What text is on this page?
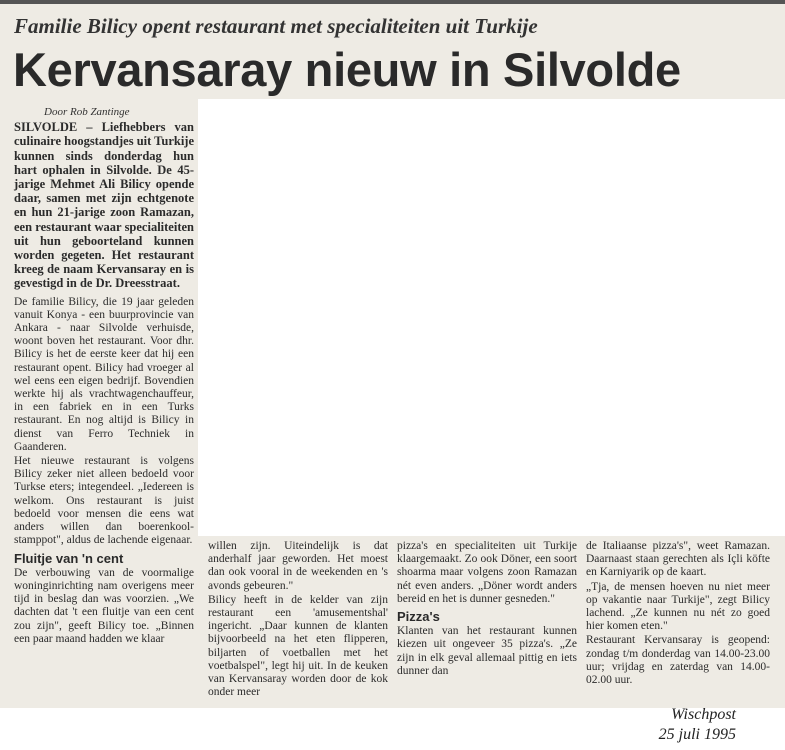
Familie Bilicy opent restaurant met specialiteiten uit Turkije
Kervansaray nieuw in Silvolde
Door Rob Zantinge

SILVOLDE – Liefhebbers van culinaire hoogstandjes uit Turkije kunnen sinds donderdag hun hart ophalen in Silvolde. De 45-jarige Mehmet Ali Bilicy opende daar, samen met zijn echtgenote en hun 21-jarige zoon Ramazan, een restaurant waar specialiteiten uit hun geboorteland kunnen worden gegeten. Het restaurant kreeg de naam Kervansaray en is gevestigd in de Dr. Dreesstraat.

De familie Bilicy, die 19 jaar geleden vanuit Konya - een buurprovincie van Ankara - naar Silvolde verhuisde, woont boven het restaurant. Voor dhr. Bilicy is het de eerste keer dat hij een restaurant opent. Bilicy had vroeger al wel eens een eigen bedrijf. Bovendien werkte hij als vrachtwagenchauffeur, in een fabriek en in een Turks restaurant. En nog altijd is Bilicy in dienst van Ferro Techniek in Gaanderen.

Het nieuwe restaurant is volgens Bilicy zeker niet alleen bedoeld voor Turkse eters; integendeel. „Iedereen is welkom. Ons restaurant is juist bedoeld voor mensen die eens wat anders willen dan boerenkool-stamppot", aldus de lachende eigenaar.

Fluitje van 'n cent

De verbouwing van de voormalige woninginrichting nam overigens meer tijd in beslag dan was voorzien. „We dachten dat 't een fluitje van een cent zou zijn", geeft Bilicy toe. „Binnen een paar maand hadden we klaar

willen zijn. Uiteindelijk is dat anderhalf jaar geworden. Het moest dan ook vooral in de weekenden en 's avonds gebeuren."

Bilicy heeft in de kelder van zijn restaurant een 'amusementshal' ingericht. „Daar kunnen de klanten bijvoorbeeld na het eten flipperen, biljarten of voetballen met het voetbalspel", legt hij uit. In de keuken van Kervansaray worden door de kok onder meer

pizza's en specialiteiten uit Turkije klaargemaakt. Zo ook Döner, een soort shoarma maar volgens zoon Ramazan nét even anders. „Döner wordt anders bereid en het is dunner gesneden."

Pizza's

Klanten van het restaurant kunnen kiezen uit ongeveer 35 pizza's. „Ze zijn in elk geval allemaal pittig en iets dunner dan

de Italiaanse pizza's", weet Ramazan. Daarnaast staan gerechten als Içli köfte en Karniyarik op de kaart.

„Tja, de mensen hoeven nu niet meer op vakantie naar Turkije", zegt Bilicy lachend. „Ze kunnen nu nét zo goed hier komen eten."

Restaurant Kervansaray is geopend: zondag t/m donderdag van 14.00-23.00 uur; vrijdag en zaterdag van 14.00-02.00 uur.

Wischpost
25 juli 1995
